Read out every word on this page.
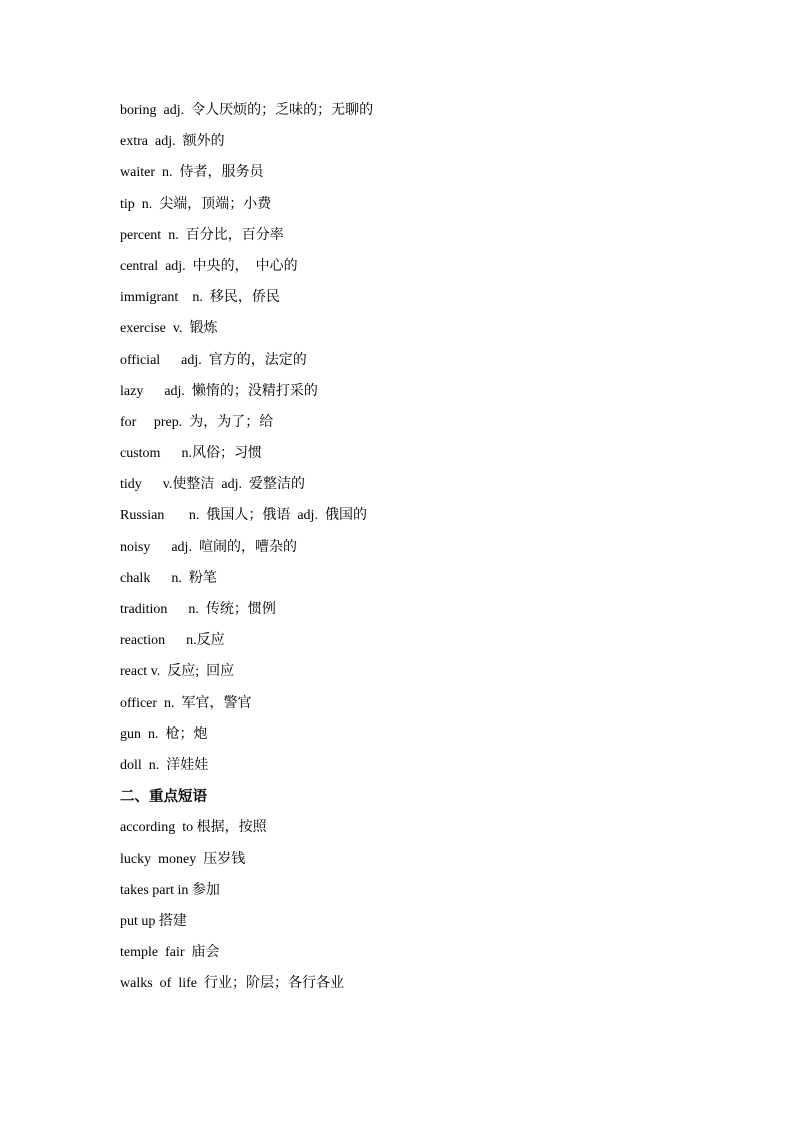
boring  adj.  令人厌烦的；乏味的；无聊的
extra  adj.  额外的
waiter  n.  侍者，服务员
tip  n.  尖端，顶端；小费
percent  n.  百分比，百分率
central  adj.  中央的，  中心的
immigrant    n.  移民，侨民
exercise  v.  锻炼
official      adj.  官方的，法定的
lazy      adj.  懒惰的；没精打采的
for     prep.  为，为了；给
custom      n.风俗；习惯
tidy      v.使整洁  adj.  爱整洁的
Russian       n.  俄国人；俄语  adj.  俄国的
noisy      adj.  喧闹的，嘈杂的
chalk      n.  粉笔
tradition      n.  传统；惯例
reaction      n.反应
react v.  反应;  回应
officer  n.  军官，警官
gun  n.  枪；炮
doll  n.  洋娃娃
二、重点短语
according  to 根据，按照
lucky  money  压岁钱
takes part in 参加
put up 搭建
temple  fair  庙会
walks  of  life  行业；阶层；各行各业
